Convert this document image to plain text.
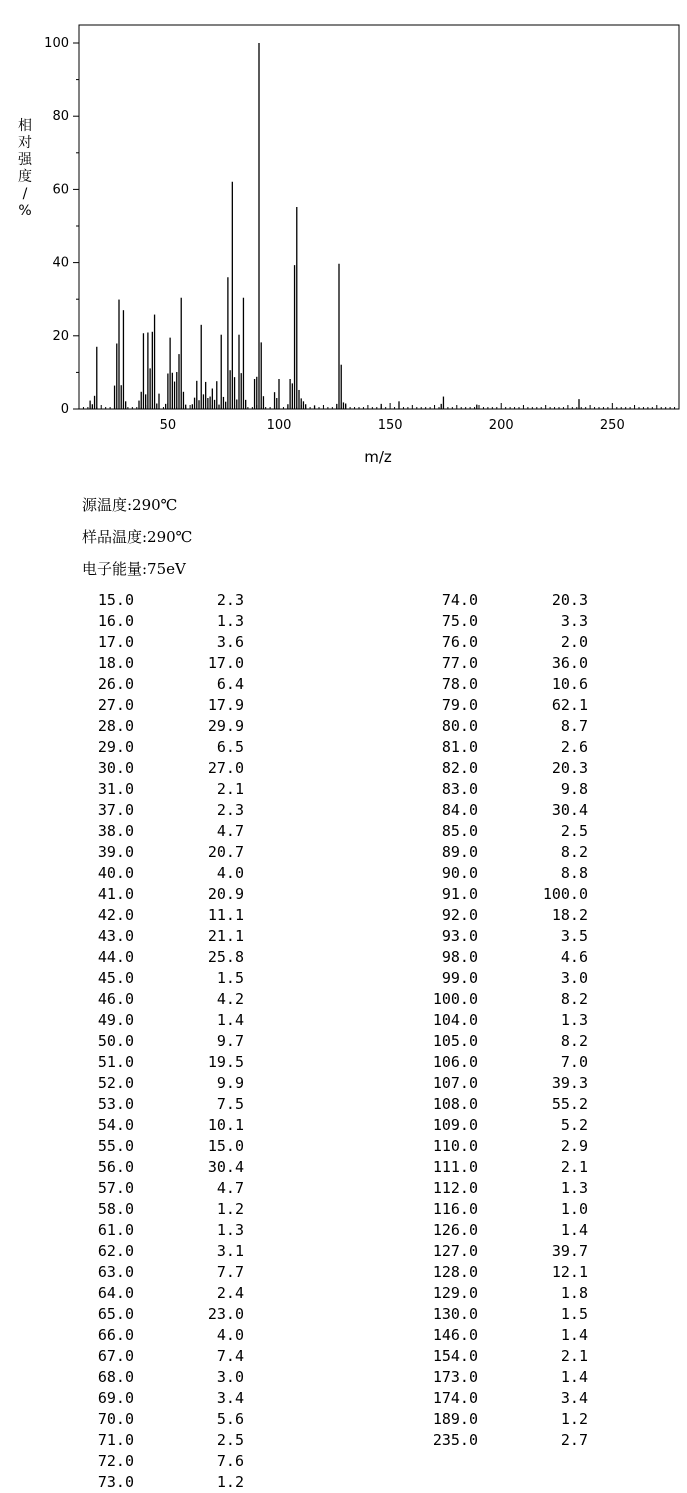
50	100	150	200	250
0
20
40
60
80
100
m/z
相对强度/ %
源温度:290℃
样品温度:290℃
电子能量:75eV
15.0	2.3
16.0	1.3
17.0	3.6
18.0	17.0
26.0	6.4
27.0	17.9
28.0	29.9
29.0	6.5
30.0	27.0
31.0	2.1
37.0	2.3
38.0	4.7
39.0	20.7
40.0	4.0
41.0	20.9
42.0	11.1
43.0	21.1
44.0	25.8
45.0	1.5
46.0	4.2
49.0	1.4
50.0	9.7
51.0	19.5
52.0	9.9
53.0	7.5
54.0	10.1
55.0	15.0
56.0	30.4
57.0	4.7
58.0	1.2
61.0	1.3
62.0	3.1
63.0	7.7
64.0	2.4
65.0	23.0
66.0	4.0
67.0	7.4
68.0	3.0
69.0	3.4
70.0	5.6
71.0	2.5
72.0	7.6
73.0	1.2
74.0	20.3
75.0	3.3
76.0	2.0
77.0	36.0
78.0	10.6
79.0	62.1
80.0	8.7
81.0	2.6
82.0	20.3
83.0	9.8
84.0	30.4
85.0	2.5
89.0	8.2
90.0	8.8
91.0	100.0
92.0	18.2
93.0	3.5
98.0	4.6
99.0	3.0
100.0	8.2
104.0	1.3
105.0	8.2
106.0	7.0
107.0	39.3
108.0	55.2
109.0	5.2
110.0	2.9
111.0	2.1
112.0	1.3
116.0	1.0
126.0	1.4
127.0	39.7
128.0	12.1
129.0	1.8
130.0	1.5
146.0	1.4
154.0	2.1
173.0	1.4
174.0	3.4
189.0	1.2
235.0	2.7
